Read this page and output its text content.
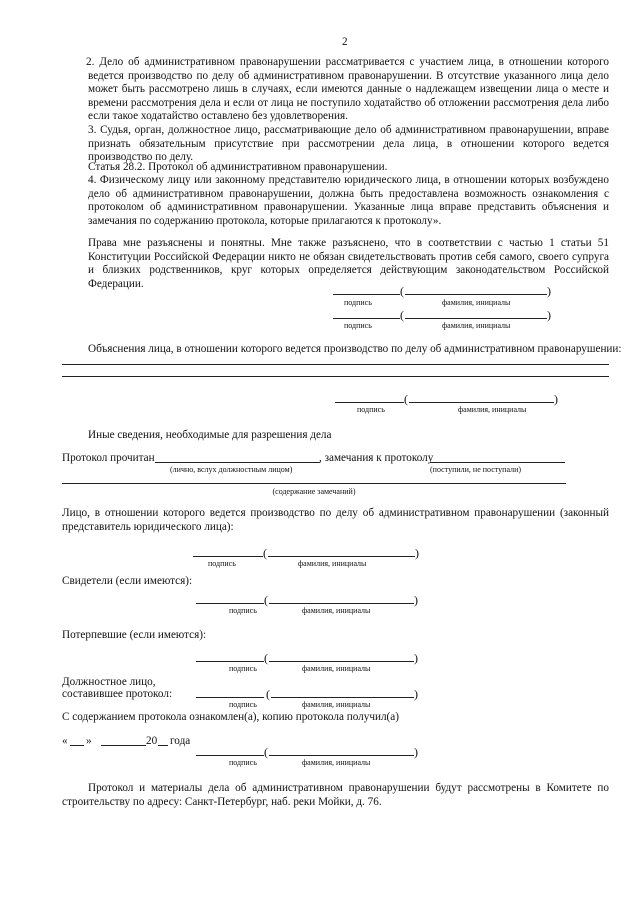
2
2. Дело об административном правонарушении рассматривается с участием лица, в отношении которого ведется производство по делу об административном правонарушении. В отсутствие указанного лица дело может быть рассмотрено лишь в случаях, если имеются данные о надлежащем извещении лица о месте и времени рассмотрения дела и если от лица не поступило ходатайство об отложении рассмотрения дела либо если такое ходатайство оставлено без удовлетворения.
3. Судья, орган, должностное лицо, рассматривающие дело об административном правонарушении, вправе признать обязательным присутствие при рассмотрении дела лица, в отношении которого ведется производство по делу.
Статья 28.2. Протокол об административном правонарушении.
4. Физическому лицу или законному представителю юридического лица, в отношении которых возбуждено дело об административном правонарушении, должна быть предоставлена возможность ознакомления с протоколом об административном правонарушении. Указанные лица вправе представить объяснения и замечания по содержанию протокола, которые прилагаются к протоколу».
Права мне разъяснены и понятны. Мне также разъяснено, что в соответствии с частью 1 статьи 51 Конституции Российской Федерации никто не обязан свидетельствовать против себя самого, своего супруга и близких родственников, круг которых определяется действующим законодательством Российской Федерации.
(	)
подпись	фамилия, инициалы
(	)
подпись	фамилия, инициалы
Объяснения лица, в отношении которого ведется производство по делу об административном правонарушении:
(	)
подпись	фамилия, инициалы
Иные сведения, необходимые для разрешения дела
Протокол прочитан
(лично, вслух должностным лицом)
, замечания к протоколу
(поступили, не поступали)
(содержание замечаний)
Лицо, в отношении которого ведется производство по делу об административном правонарушении (законный представитель юридического лица):
(	)
подпись	фамилия, инициалы
Свидетели (если имеются):
(	)
подпись	фамилия, инициалы
Потерпевшие (если имеются):
(	)
подпись	фамилия, инициалы
Должностное лицо,
составившее протокол:	(	)
подпись	фамилия, инициалы
С содержанием протокола ознакомлен(а), копию протокола получил(а)
« »	20 года
(	)
подпись	фамилия, инициалы
Протокол и материалы дела об административном правонарушении будут рассмотрены в Комитете по строительству по адресу: Санкт-Петербург, наб. реки Мойки, д. 76.
